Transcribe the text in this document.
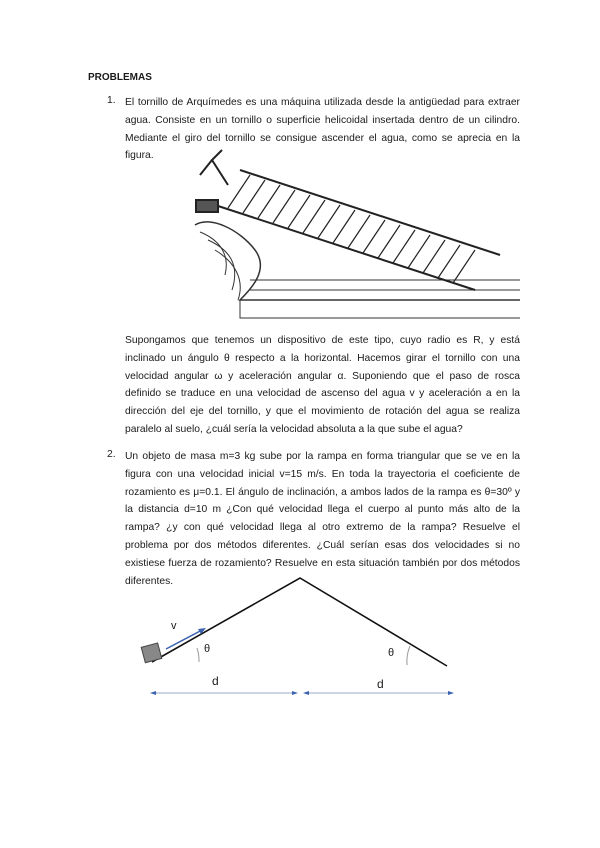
PROBLEMAS
1. El tornillo de Arquímedes es una máquina utilizada desde la antigüedad para extraer agua. Consiste en un tornillo o superficie helicoidal insertada dentro de un cilindro. Mediante el giro del tornillo se consigue ascender el agua, como se aprecia en la figura.
Supongamos que tenemos un dispositivo de este tipo, cuyo radio es R, y está inclinado un ángulo θ respecto a la horizontal. Hacemos girar el tornillo con una velocidad angular ω y aceleración angular α. Suponiendo que el paso de rosca definido se traduce en una velocidad de ascenso del agua v y aceleración a en la dirección del eje del tornillo, y que el movimiento de rotación del agua se realiza paralelo al suelo, ¿cuál sería la velocidad absoluta a la que sube el agua?
2. Un objeto de masa m=3 kg sube por la rampa en forma triangular que se ve en la figura con una velocidad inicial v=15 m/s. En toda la trayectoria el coeficiente de rozamiento es μ=0.1. El ángulo de inclinación, a ambos lados de la rampa es θ=30º y la distancia d=10 m ¿Con qué velocidad llega el cuerpo al punto más alto de la rampa? ¿y con qué velocidad llega al otro extremo de la rampa? Resuelve el problema por dos métodos diferentes. ¿Cuál serían esas dos velocidades si no existiese fuerza de rozamiento? Resuelve en esta situación también por dos métodos diferentes.
v
θ	θ
d	d
